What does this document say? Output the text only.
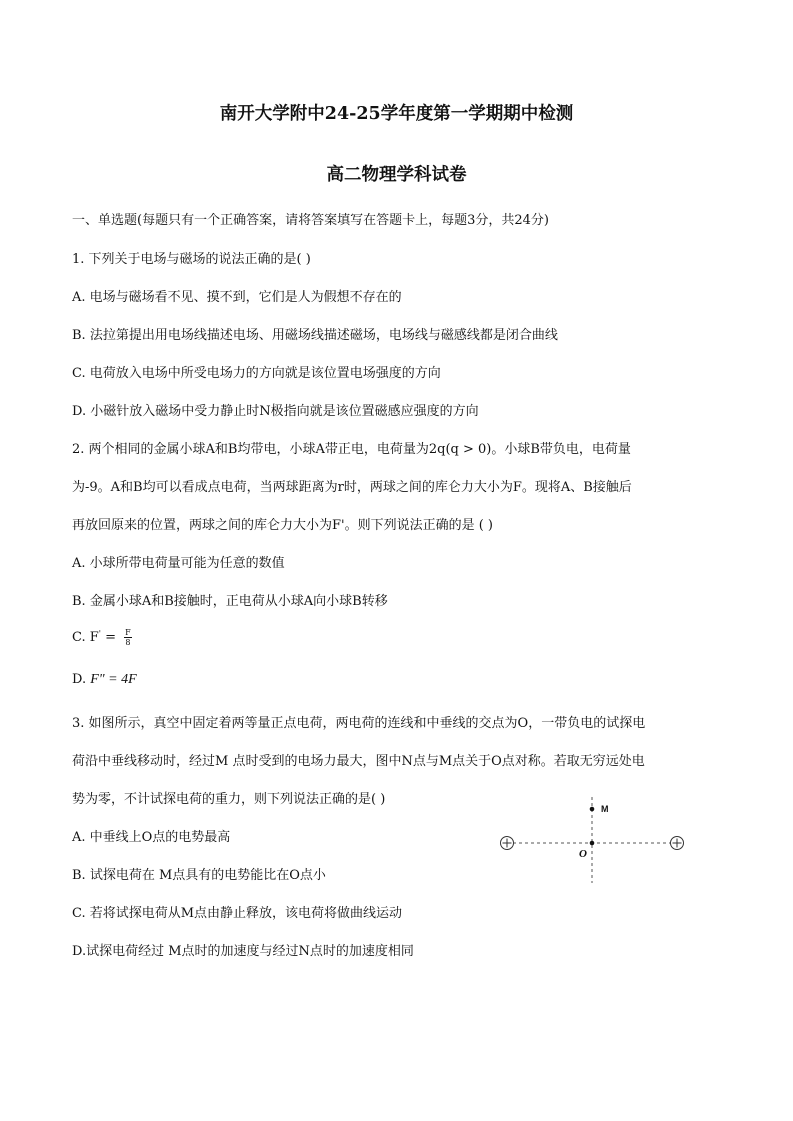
南开大学附中24-25学年度第一学期期中检测
高二物理学科试卷
一、单选题(每题只有一个正确答案，请将答案填写在答题卡上，每题3分，共24分)
1. 下列关于电场与磁场的说法正确的是( )
A. 电场与磁场看不见、摸不到，它们是人为假想不存在的
B. 法拉第提出用电场线描述电场、用磁场线描述磁场，电场线与磁感线都是闭合曲线
C. 电荷放入电场中所受电场力的方向就是该位置电场强度的方向
D. 小磁针放入磁场中受力静止时N极指向就是该位置磁感应强度的方向
2. 两个相同的金属小球A和B均带电，小球A带正电，电荷量为2q(q > 0)。小球B带负电，电荷量
为-9。A和B均可以看成点电荷，当两球距离为r时，两球之间的库仑力大小为F。现将A、B接触后
再放回原来的位置，两球之间的库仑力大小为F'。则下列说法正确的是 ( )
A. 小球所带电荷量可能为任意的数值
B. 金属小球A和B接触时，正电荷从小球A向小球B转移
C. $F' = \frac{F}{8}$
D. F" = 4F
3. 如图所示，真空中固定着两等量正点电荷，两电荷的连线和中垂线的交点为O，一带负电的试探电
荷沿中垂线移动时，经过M 点时受到的电场力最大，图中N点与M点关于O点对称。若取无穷远处电
势为零，不计试探电荷的重力，则下列说法正确的是( )
A. 中垂线上O点的电势最高
B. 试探电荷在 M点具有的电势能比在O点小
C. 若将试探电荷从M点由静止释放，该电荷将做曲线运动
D.试探电荷经过 M点时的加速度与经过N点时的加速度相同
M
O
